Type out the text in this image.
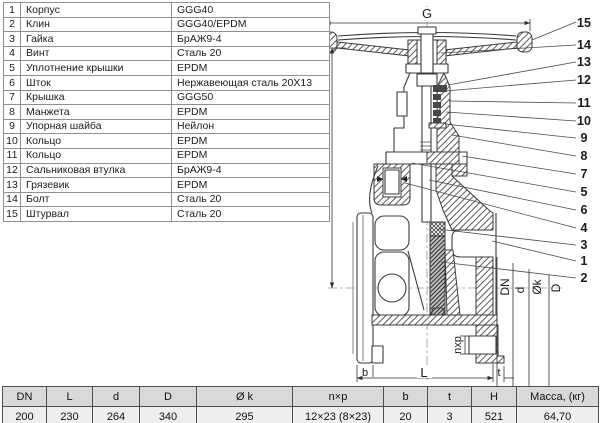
G
L
b	t
nxp
DN d Øk D
15
14
13
12
11
10
9
8
7
5
6
4
3
1
2
1	Корпус	GGG40
2	Клин	GGG40/EPDM
3	Гайка	БрАЖ9-4
4	Винт	Сталь 20
5	Уплотнение крышки	EPDM
6	Шток	Нержавеющая сталь 20Х13
7	Крышка	GGG50
8	Манжета	EPDM
9	Упорная шайба	Нейлон
10	Кольцо	EPDM
11	Кольцо	EPDM
12	Сальниковая втулка	БрАЖ9-4
13	Грязевик	EPDM
14	Болт	Сталь 20
15	Штурвал	Сталь 20
DN	L	d	D	Ø k	n×p	b	t	H	Масса, (кг)
200	230	264	340	295	12×23 (8×23)	20	3	521	64,70
